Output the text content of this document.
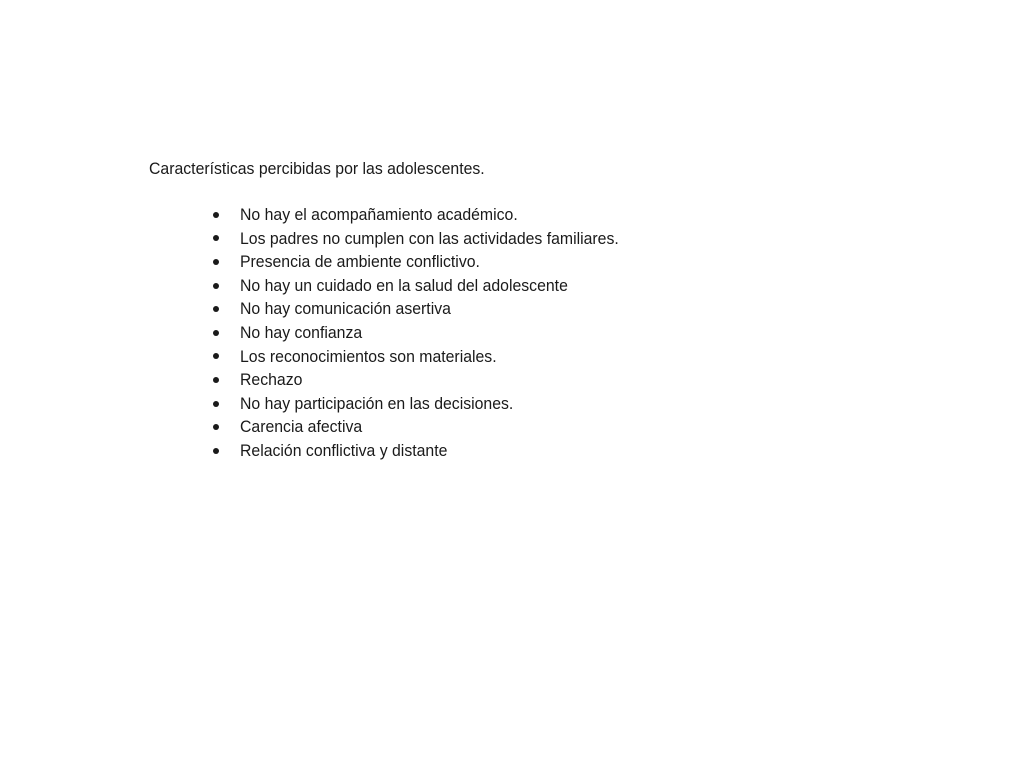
Características percibidas por las adolescentes.

No hay el acompañamiento académico.
Los padres no cumplen con las actividades familiares.
Presencia de ambiente conflictivo.
No hay un cuidado en la salud del adolescente
No hay comunicación asertiva
No hay confianza
Los reconocimientos son materiales.
Rechazo
No hay participación en las decisiones.
Carencia afectiva
Relación conflictiva y distante
